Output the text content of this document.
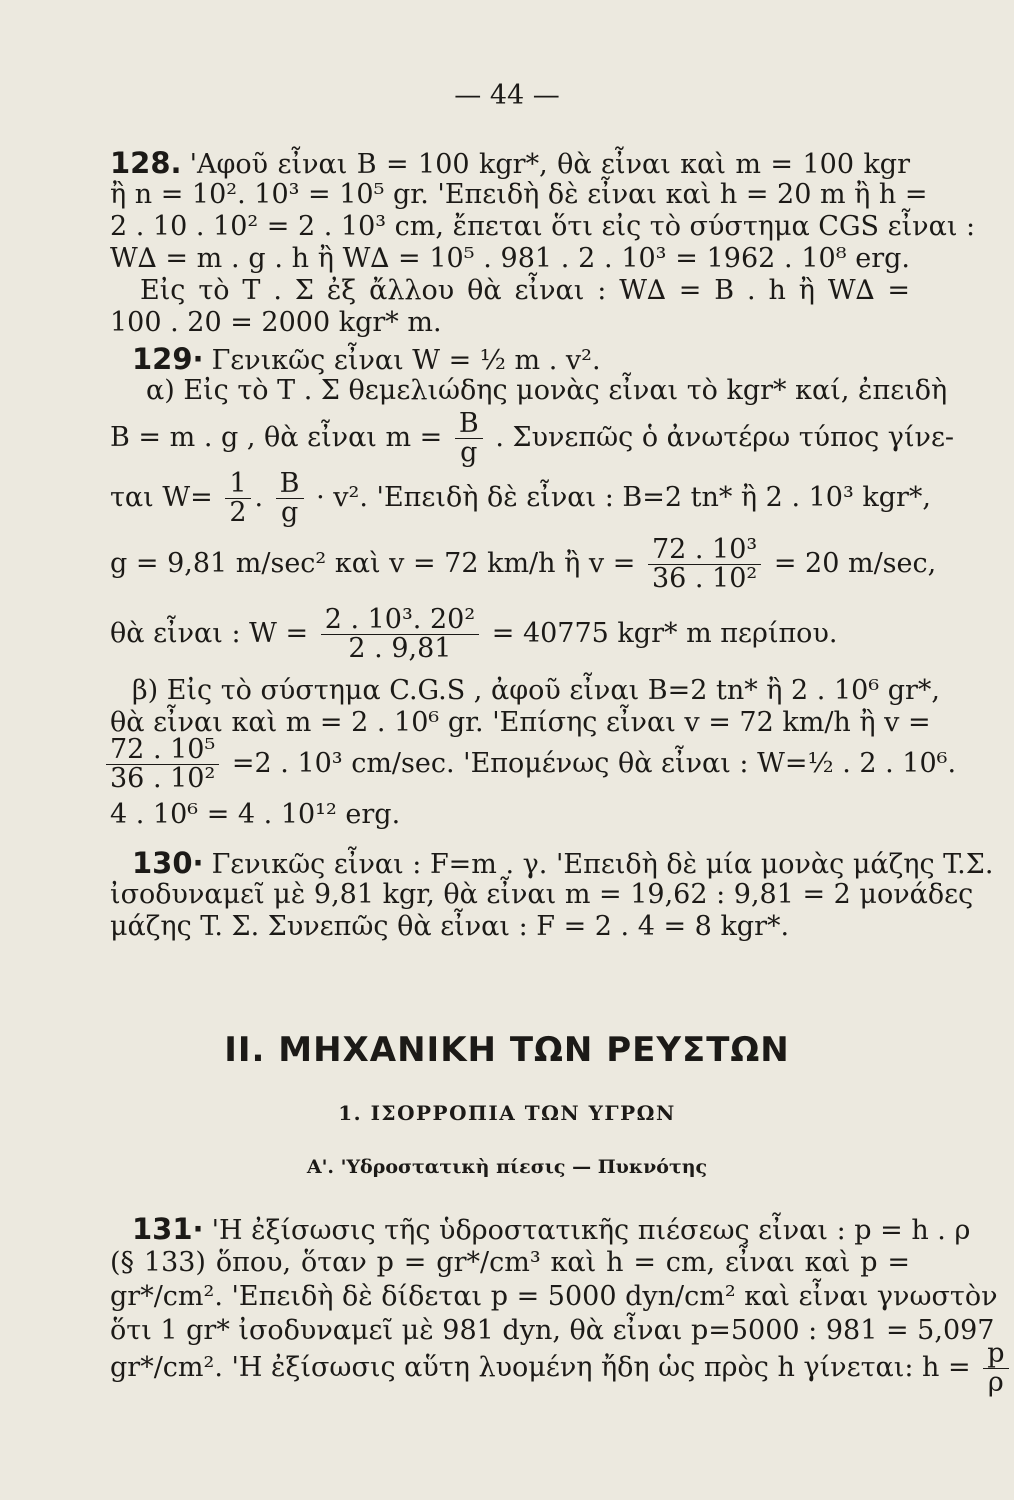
— 44 —
128. 'Αφοῦ εἶναι B = 100 kgr*, θὰ εἶναι καὶ m = 100 kgr
ἢ n = 10². 10³ = 10⁵ gr. 'Επειδὴ δὲ εἶναι καὶ h = 20 m ἢ h =
2 . 10 . 10² = 2 . 10³ cm, ἔπεται ὅτι εἰς τὸ σύστημα CGS εἶναι :
W∆ = m . g . h ἢ W∆ = 10⁵ . 981 . 2 . 10³ = 1962 . 10⁸ erg.
Εἰς τὸ T . Σ ἐξ ἄλλου θὰ εἶναι : W∆ = B . h ἢ W∆ =
100 . 20 = 2000 kgr* m.
129· Γενικῶς εἶναι W = ½ m . v².
α) Εἰς τὸ T . Σ θεμελιώδης μονὰς εἶναι τὸ kgr* καί, ἐπειδὴ
B = m . g , θὰ εἶναι $m = \frac{B}{g}$ . Συνεπῶς ὁ ἀνωτέρω τύπος γίνε-
ται $W= \frac{1}{2}$ . $\frac{B}{g} \cdot v^2$. 'Επειδὴ δὲ εἶναι : B=2 tn* ἢ 2 . 10³ kgr*,
g = 9,81 m/sec² καὶ v = 72 km/h ἢ $v = \frac{\text{72 . 10³}}{\text{36 . 10²}} = 20$ m/sec,
θὰ εἶναι : $W = \frac{\text{2 . 10³. 20²}}{2 . 9,81} = 40775$ kgr* m περίπου.
β) Εἰς τὸ σύστημα C.G.S , ἀφοῦ εἶναι B=2 tn* ἢ 2 . 10⁶ gr*,
θὰ εἶναι καὶ m = 2 . 10⁶ gr. 'Επίσης εἶναι v = 72 km/h ἢ v =
$\frac{\text{72 . 10⁵}}{\text{36 . 10²}} =2$ . 10³ cm/sec. 'Επομένως θὰ εἶναι : W=½ . 2 . 10⁶.
4 . 10⁶ = 4 . 10¹² erg.
130· Γενικῶς εἶναι : F=m . γ. 'Επειδὴ δὲ μία μονὰς μάζης T.Σ.
ἰσοδυναμεῖ μὲ 9,81 kgr, θὰ εἶναι m = 19,62 : 9,81 = 2 μονάδες
μάζης T. Σ. Συνεπῶς θὰ εἶναι : F = 2 . 4 = 8 kgr*.
II. ΜΗΧΑΝΙΚΗ ΤΩΝ ΡΕΥΣΤΩΝ
1. ΙΣΟΡΡΟΠΙΑ ΤΩΝ ΥΓΡΩΝ
Α'. 'Υδροστατικὴ πίεσις — Πυκνότης
131· 'Η ἐξίσωσις τῆς ὑδροστατικῆς πιέσεως εἶναι : p = h . ρ
(§ 133) ὅπου, ὅταν p = gr*/cm³ καὶ h = cm, εἶναι καὶ p =
gr*/cm². 'Επειδὴ δὲ δίδεται p = 5000 dyn/cm² καὶ εἶναι γνωστὸν
ὅτι 1 gr* ἰσοδυναμεῖ μὲ 981 dyn, θὰ εἶναι p=5000 : 981 = 5,097
gr*/cm². 'Η ἐξίσωσις αὕτη λυομένη ἤδη ὡς πρὸς h γίνεται: $h = \frac{p}{\rho}$
